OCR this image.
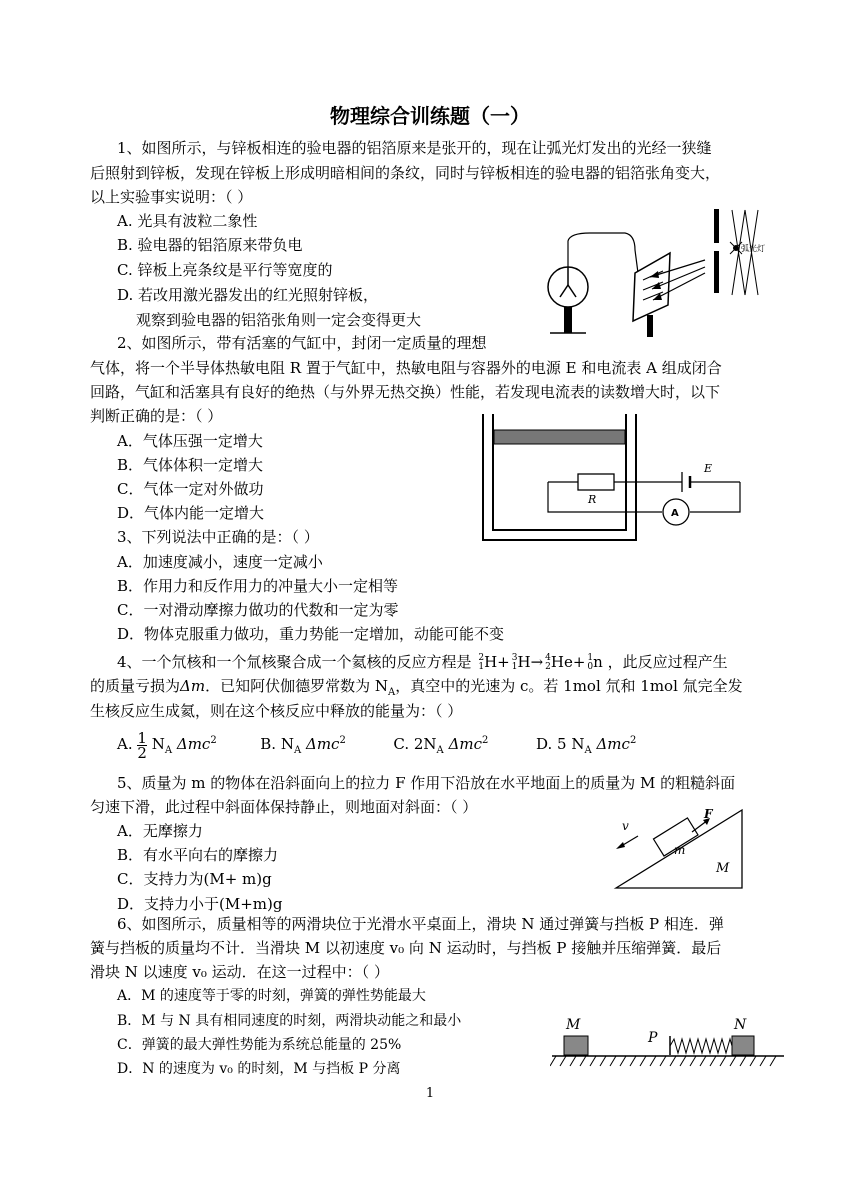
物理综合训练题（一）
1、如图所示，与锌板相连的验电器的铝箔原来是张开的，现在让弧光灯发出的光经一狭缝
后照射到锌板，发现在锌板上形成明暗相间的条纹，同时与锌板相连的验电器的铝箔张角变大，
以上实验事实说明：（ ）
A. 光具有波粒二象性
B. 验电器的铝箔原来带负电
C. 锌板上亮条纹是平行等宽度的
D. 若改用激光器发出的红光照射锌板，
观察到验电器的铝箔张角则一定会变得更大
弧光灯
2、如图所示，带有活塞的气缸中，封闭一定质量的理想
气体，将一个半导体热敏电阻 R 置于气缸中，热敏电阻与容器外的电源 E 和电流表 A 组成闭合
回路，气缸和活塞具有良好的绝热（与外界无热交换）性能，若发现电流表的读数增大时，以下
判断正确的是：（ ）
A．气体压强一定增大
B．气体体积一定增大
C．气体一定对外做功
D．气体内能一定增大
R
E
A
3、下列说法中正确的是：（ ）
A．加速度减小，速度一定减小
B．作用力和反作用力的冲量大小一定相等
C．一对滑动摩擦力做功的代数和一定为零
D．物体克服重力做功，重力势能一定增加，动能可能不变
4、一个氘核和一个氚核聚合成一个氦核的反应方程是 2
1 H+ 3
1 H→ 4
2 He+ 1
0 n ，此反应过程产生
的质量亏损为Δm．已知阿伏伽德罗常数为 $N_A$，真空中的光速为 c。若 1mol 氘和 1mol 氚完全发
生核反应生成氦，则在这个核反应中释放的能量为：（ ）
A. $\frac{1}{2} N_A$ Δmc$^2$	B. $N_A$ Δmc$^2$	C. $2N_A$ Δmc$^2$	D. 5 $N_A$ Δmc$^2$
5、质量为 m 的物体在沿斜面向上的拉力 F 作用下沿放在水平地面上的质量为 M 的粗糙斜面
匀速下滑，此过程中斜面体保持静止，则地面对斜面：（ ）
A．无摩擦力
B．有水平向右的摩擦力
C．支持力为(M+ m)g
D．支持力小于(M+m)g
m
M
v
F
6、如图所示，质量相等的两滑块位于光滑水平桌面上，滑块 N 通过弹簧与挡板 P 相连．弹
簧与挡板的质量均不计．当滑块 M 以初速度 v₀ 向 N 运动时，与挡板 P 接触并压缩弹簧．最后
滑块 N 以速度 v₀ 运动．在这一过程中：（ ）
A．M 的速度等于零的时刻，弹簧的弹性势能最大
B．M 与 N 具有相同速度的时刻，两滑块动能之和最小
C．弹簧的最大弹性势能为系统总能量的 25%
D．N 的速度为 v₀ 的时刻，M 与挡板 P 分离
M
P
N
1
